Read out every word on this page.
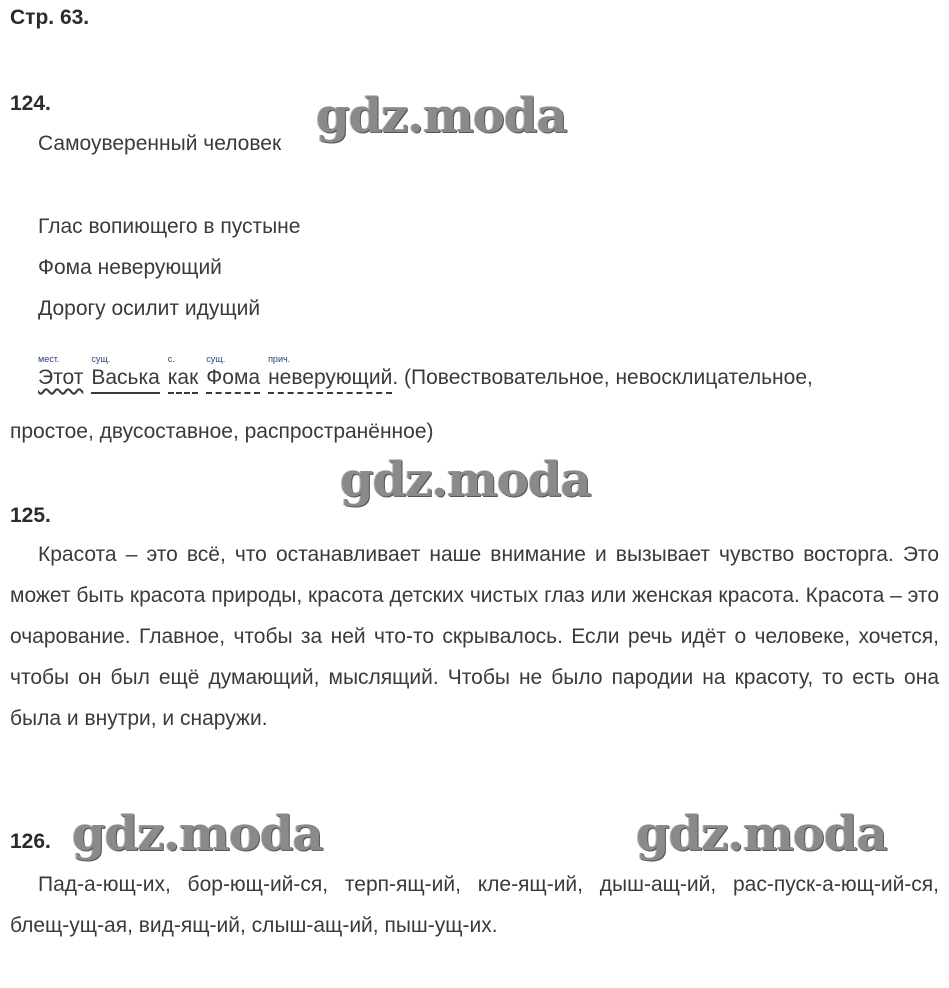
Стр. 63.
124.
Самоуверенный человек gdz.moda
Глас вопиющего в пустыне
Фома неверующий
Дорогу осилит идущий
мест.
Этот
сущ.
Васька
с.
как
сущ.
Фома
прич.
неверующий. (Повествовательное, невосклицательное,
простое, двусоставное, распространённое)
gdz.moda
125.
Красота – это всё, что останавливает наше внимание и вызывает чувство восторга. Это может быть красота природы, красота детских чистых глаз или женская красота. Красота – это очарование. Главное, чтобы за ней что-то скрывалось. Если речь идёт о человеке, хочется, чтобы он был ещё думающий, мыслящий. Чтобы не было пародии на красоту, то есть она была и внутри, и снаружи.
126. gdz.moda	gdz.moda
Пад-а-ющ-их, бор-ющ-ий-ся, терп-ящ-ий, кле-ящ-ий, дыш-ащ-ий, рас-пуск-а-ющ-ий-ся, блещ-ущ-ая, вид-ящ-ий, слыш-ащ-ий, пыш-ущ-их.
